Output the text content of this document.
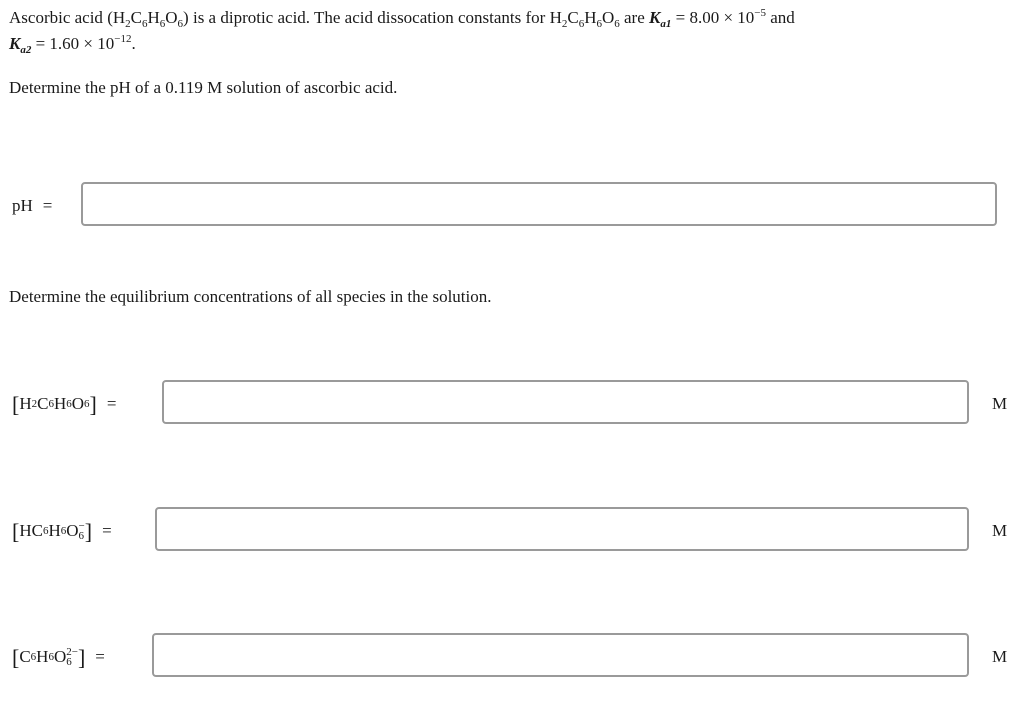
Ascorbic acid $(H_2C_6H_6O_6)$ is a diprotic acid. The acid dissocation constants for $H_2C_6H_6O_6$ are $K_{a1} = 8.00 \times 10^{-5}$ and
$K_{a2} = 1.60 \times 10^{-12}$.
Determine the pH of a 0.119 M solution of ascorbic acid.
pH =
Determine the equilibrium concentrations of all species in the solution.
[ H 2 C 6 H 6 O 6 ] =	M
[ HC 6 H 6 O −
6 ] =	M
[ C 6 H 6 O 2−
6 ] =	M
